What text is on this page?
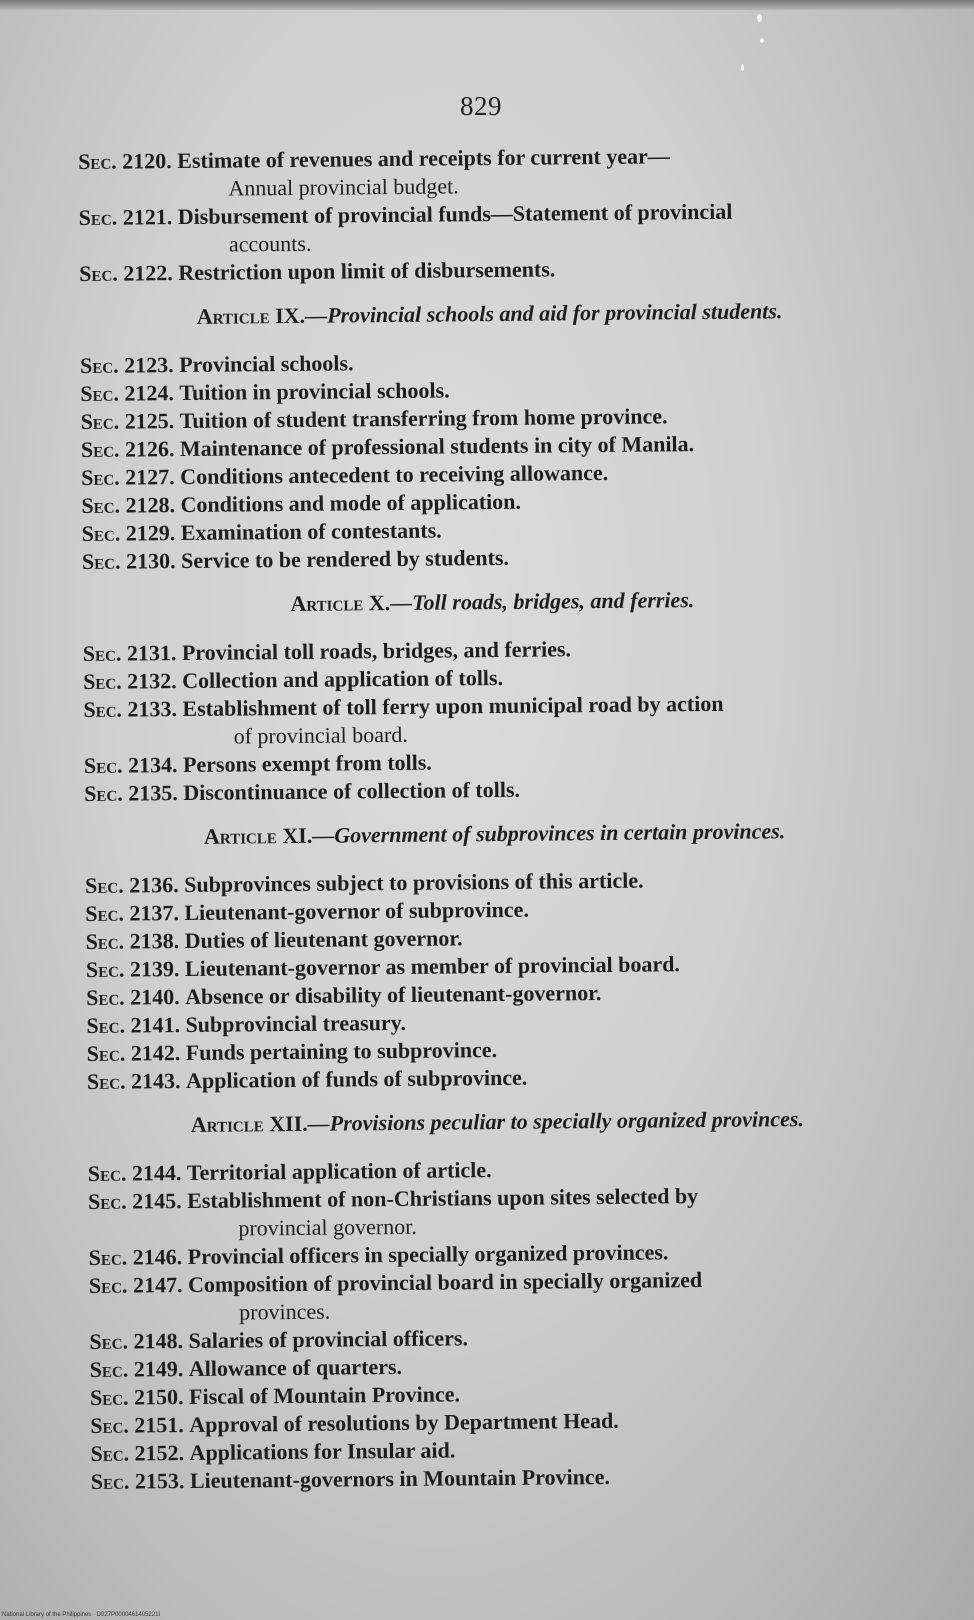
829
Sec. 2120. Estimate of revenues and receipts for current year—
Annual provincial budget.
Sec. 2121. Disbursement of provincial funds—Statement of provincial
accounts.
Sec. 2122. Restriction upon limit of disbursements.
Article IX.—Provincial schools and aid for provincial students.
Sec. 2123. Provincial schools.
Sec. 2124. Tuition in provincial schools.
Sec. 2125. Tuition of student transferring from home province.
Sec. 2126. Maintenance of professional students in city of Manila.
Sec. 2127. Conditions antecedent to receiving allowance.
Sec. 2128. Conditions and mode of application.
Sec. 2129. Examination of contestants.
Sec. 2130. Service to be rendered by students.
Article X.—Toll roads, bridges, and ferries.
Sec. 2131. Provincial toll roads, bridges, and ferries.
Sec. 2132. Collection and application of tolls.
Sec. 2133. Establishment of toll ferry upon municipal road by action
of provincial board.
Sec. 2134. Persons exempt from tolls.
Sec. 2135. Discontinuance of collection of tolls.
Article XI.—Government of subprovinces in certain provinces.
Sec. 2136. Subprovinces subject to provisions of this article.
Sec. 2137. Lieutenant-governor of subprovince.
Sec. 2138. Duties of lieutenant governor.
Sec. 2139. Lieutenant-governor as member of provincial board.
Sec. 2140. Absence or disability of lieutenant-governor.
Sec. 2141. Subprovincial treasury.
Sec. 2142. Funds pertaining to subprovince.
Sec. 2143. Application of funds of subprovince.
Article XII.—Provisions peculiar to specially organized provinces.
Sec. 2144. Territorial application of article.
Sec. 2145. Establishment of non-Christians upon sites selected by
provincial governor.
Sec. 2146. Provincial officers in specially organized provinces.
Sec. 2147. Composition of provincial board in specially organized
provinces.
Sec. 2148. Salaries of provincial officers.
Sec. 2149. Allowance of quarters.
Sec. 2150. Fiscal of Mountain Province.
Sec. 2151. Approval of resolutions by Department Head.
Sec. 2152. Applications for Insular aid.
Sec. 2153. Lieutenant-governors in Mountain Province.
National Library of the Philippines · D027P0000461405221I
